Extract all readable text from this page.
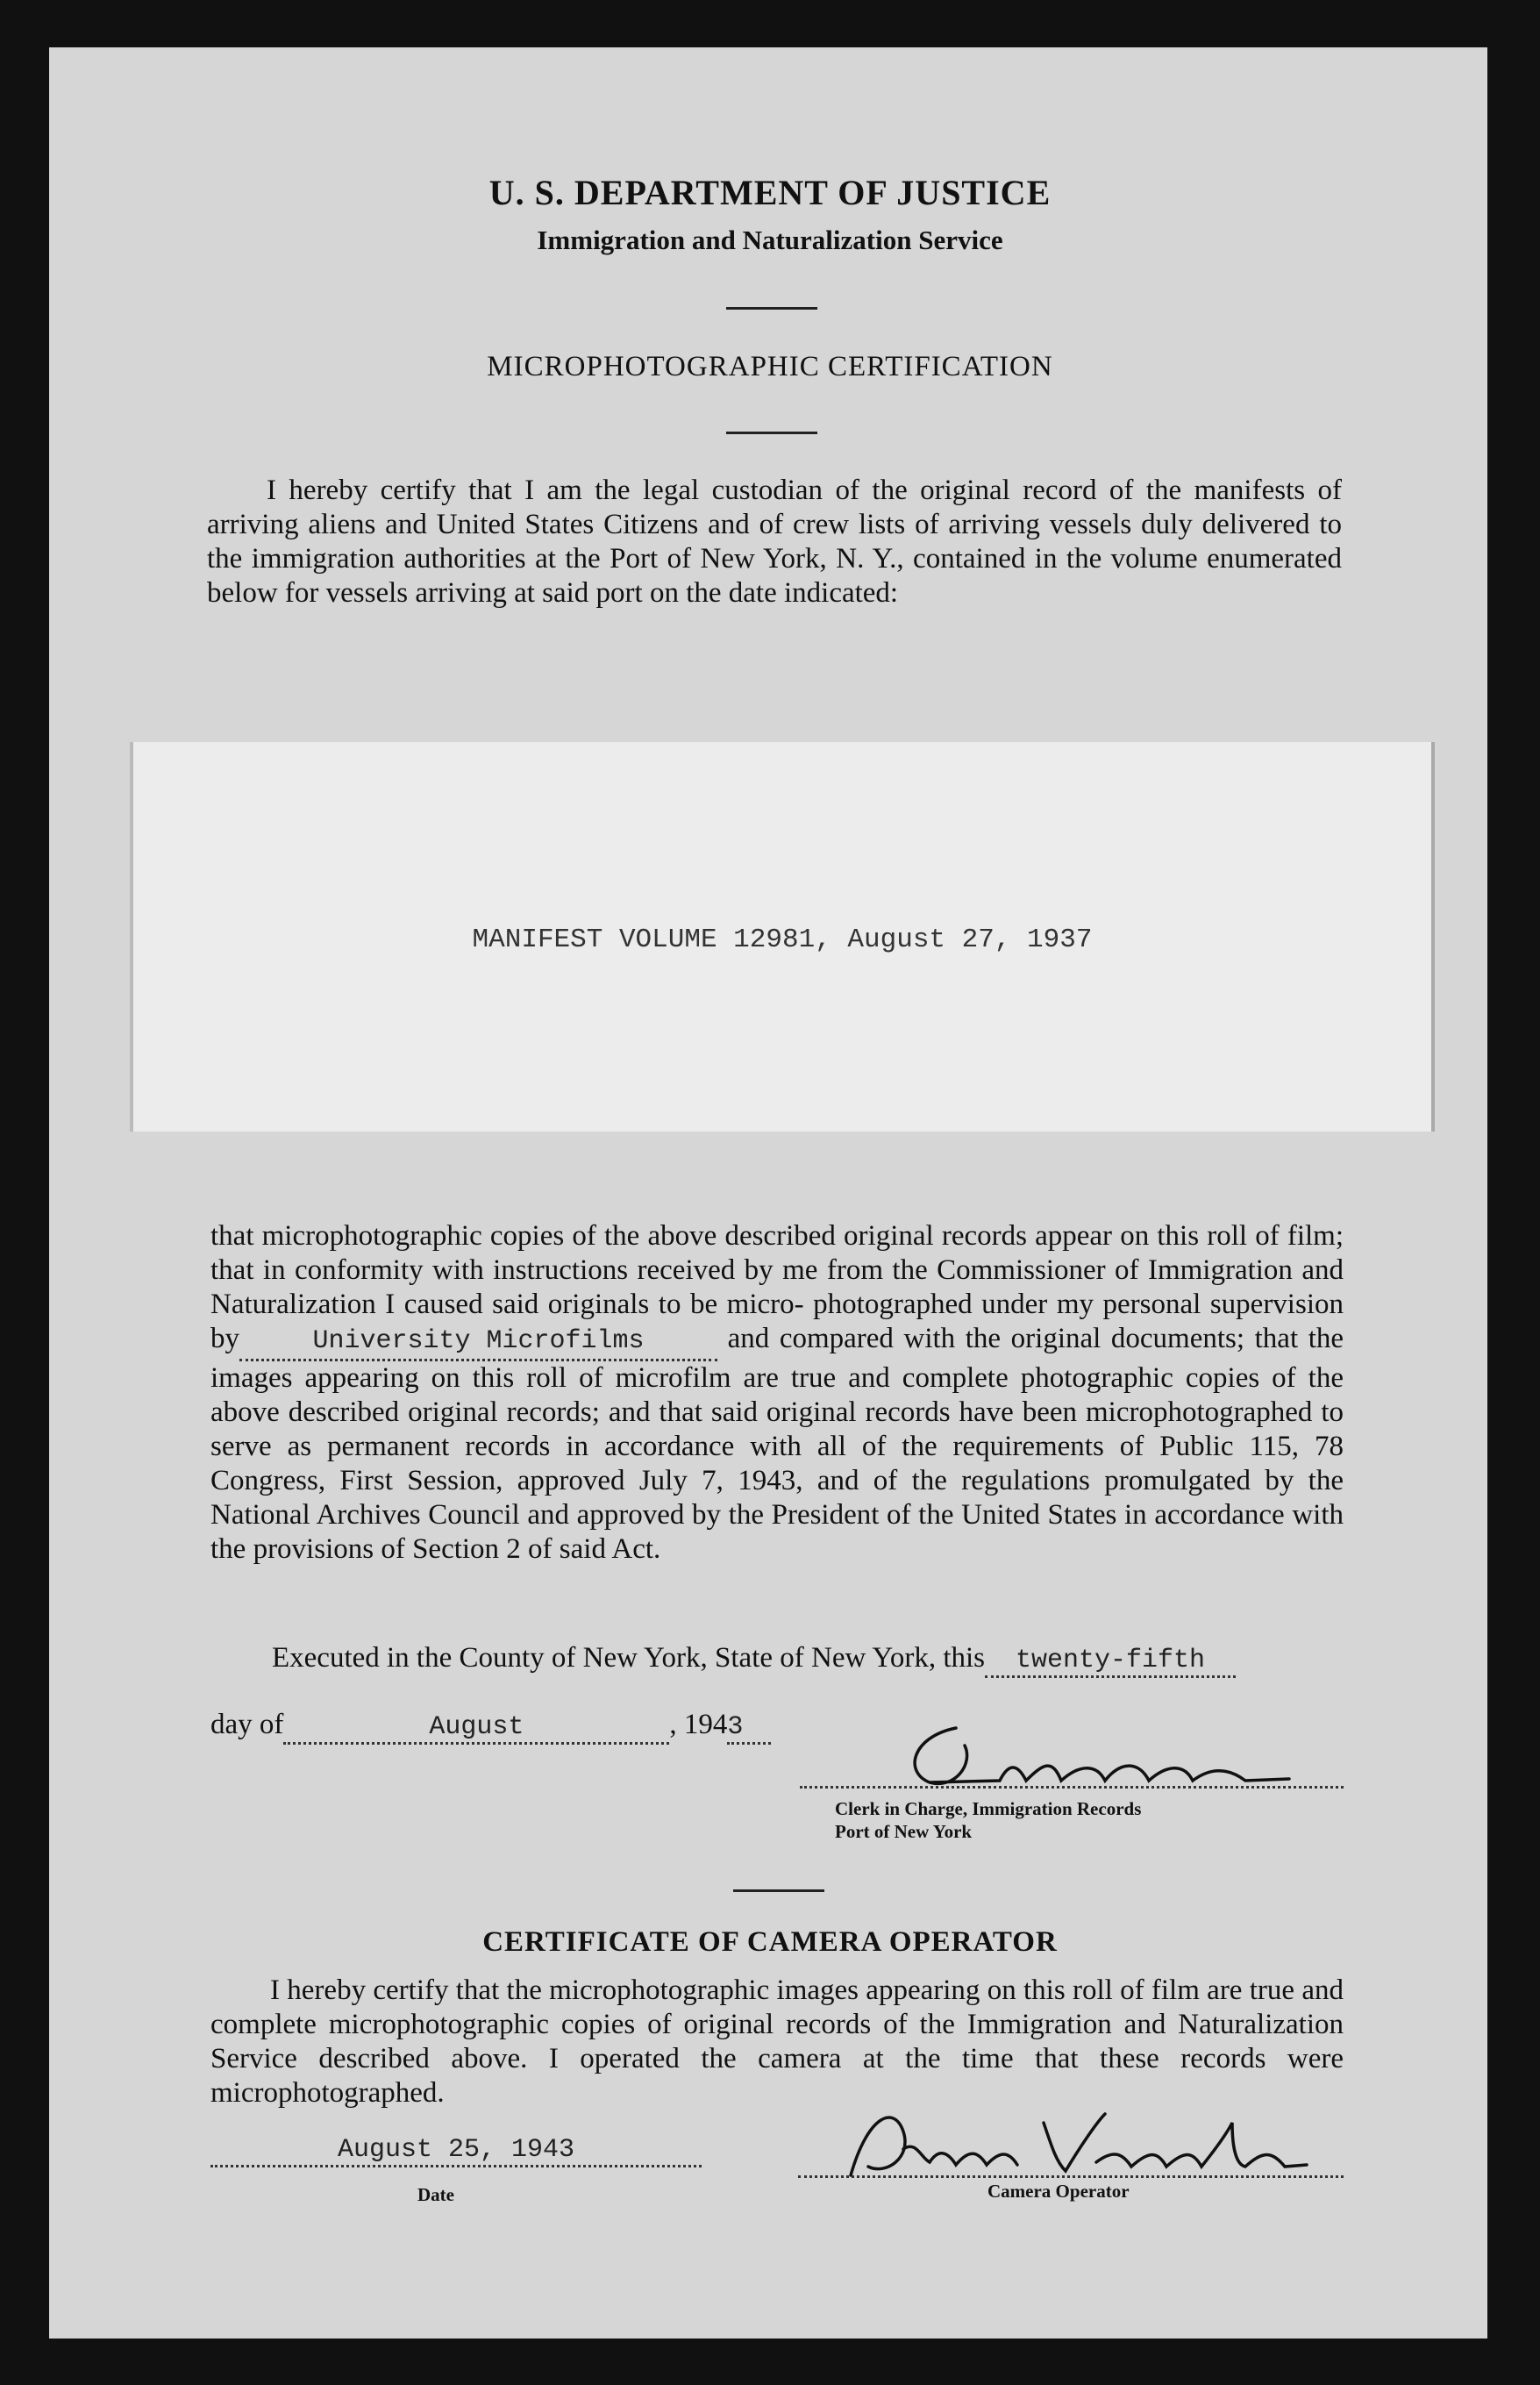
U. S. DEPARTMENT OF JUSTICE
Immigration and Naturalization Service
MICROPHOTOGRAPHIC CERTIFICATION
I hereby certify that I am the legal custodian of the original record of the manifests of arriving aliens and United States Citizens and of crew lists of arriving vessels duly delivered to the immigration authorities at the Port of New York, N. Y., contained in the volume enumerated below for vessels arriving at said port on the date indicated:
MANIFEST VOLUME 12981, August 27, 1937
that microphotographic copies of the above described original records appear on this roll of film; that in conformity with instructions received by me from the Commissioner of Immigration and Naturalization I caused said originals to be micro- photographed under my personal supervision by	University Microfilms	and compared with the original documents; that the images appearing on this roll of microfilm are true and complete photographic copies of the above described original records; and that said original records have been microphotographed to serve as permanent records in accordance with all of the requirements of Public 115, 78 Congress, First Session, approved July 7, 1943, and of the regulations promulgated by the National Archives Council and approved by the President of the United States in accordance with the provisions of Section 2 of said Act.
Executed in the County of New York, State of New York, this twenty-fifth
day of	August	, 1943
Clerk in Charge, Immigration Records
Port of New York
CERTIFICATE OF CAMERA OPERATOR
I hereby certify that the microphotographic images appearing on this roll of film are true and complete microphotographic copies of original records of the Immigration and Naturalization Service described above. I operated the camera at the time that these records were microphotographed.
August 25, 1943
Date	Camera Operator
